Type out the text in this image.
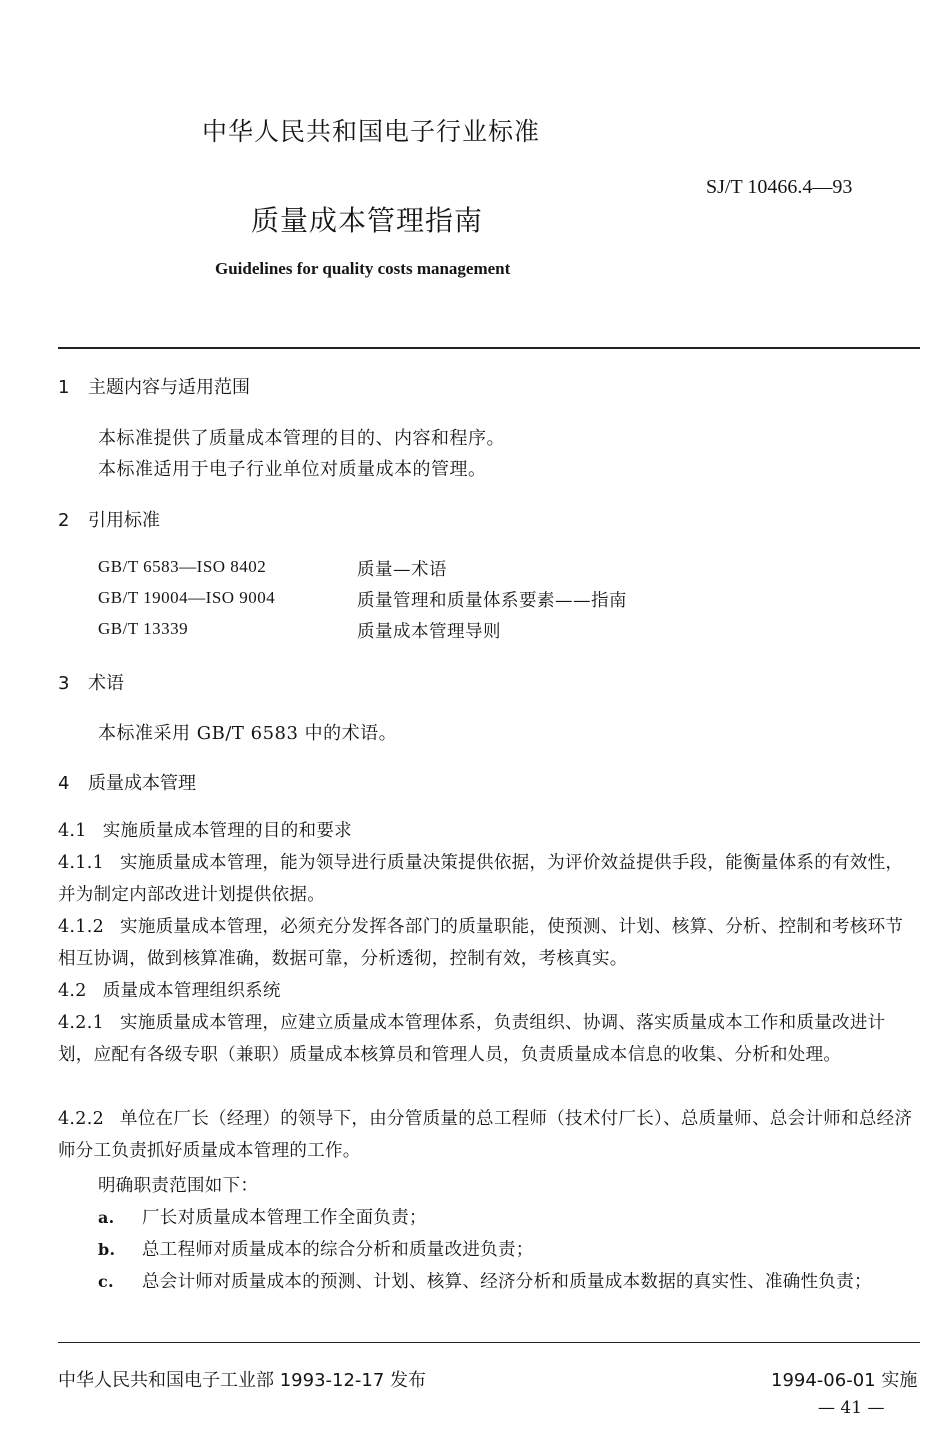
中华人民共和国电子行业标准
SJ/T 10466.4—93
质量成本管理指南
Guidelines for quality costs management
1 主题内容与适用范围
本标准提供了质量成本管理的目的、内容和程序。
本标准适用于电子行业单位对质量成本的管理。
2 引用标准
GB/T 6583—ISO 8402	质量—术语
GB/T 19004—ISO 9004	质量管理和质量体系要素——指南
GB/T 13339	质量成本管理导则
3 术语
本标准采用 GB/T 6583 中的术语。
4 质量成本管理
4.1 实施质量成本管理的目的和要求
4.1.1 实施质量成本管理，能为领导进行质量决策提供依据，为评价效益提供手段，能衡量体系的有效性，并为制定内部改进计划提供依据。
4.1.2 实施质量成本管理，必须充分发挥各部门的质量职能，使预测、计划、核算、分析、控制和考核环节相互协调，做到核算准确，数据可靠，分析透彻，控制有效，考核真实。
4.2 质量成本管理组织系统
4.2.1 实施质量成本管理，应建立质量成本管理体系，负责组织、协调、落实质量成本工作和质量改进计划，应配有各级专职（兼职）质量成本核算员和管理人员，负责质量成本信息的收集、分析和处理。
4.2.2 单位在厂长（经理）的领导下，由分管质量的总工程师（技术付厂长）、总质量师、总会计师和总经济师分工负责抓好质量成本管理的工作。
明确职责范围如下：
a. 厂长对质量成本管理工作全面负责；
b. 总工程师对质量成本的综合分析和质量改进负责；
c. 总会计师对质量成本的预测、计划、核算、经济分析和质量成本数据的真实性、准确性负责；
中华人民共和国电子工业部 1993-12-17 发布	1994-06-01 实施
— 41 —
